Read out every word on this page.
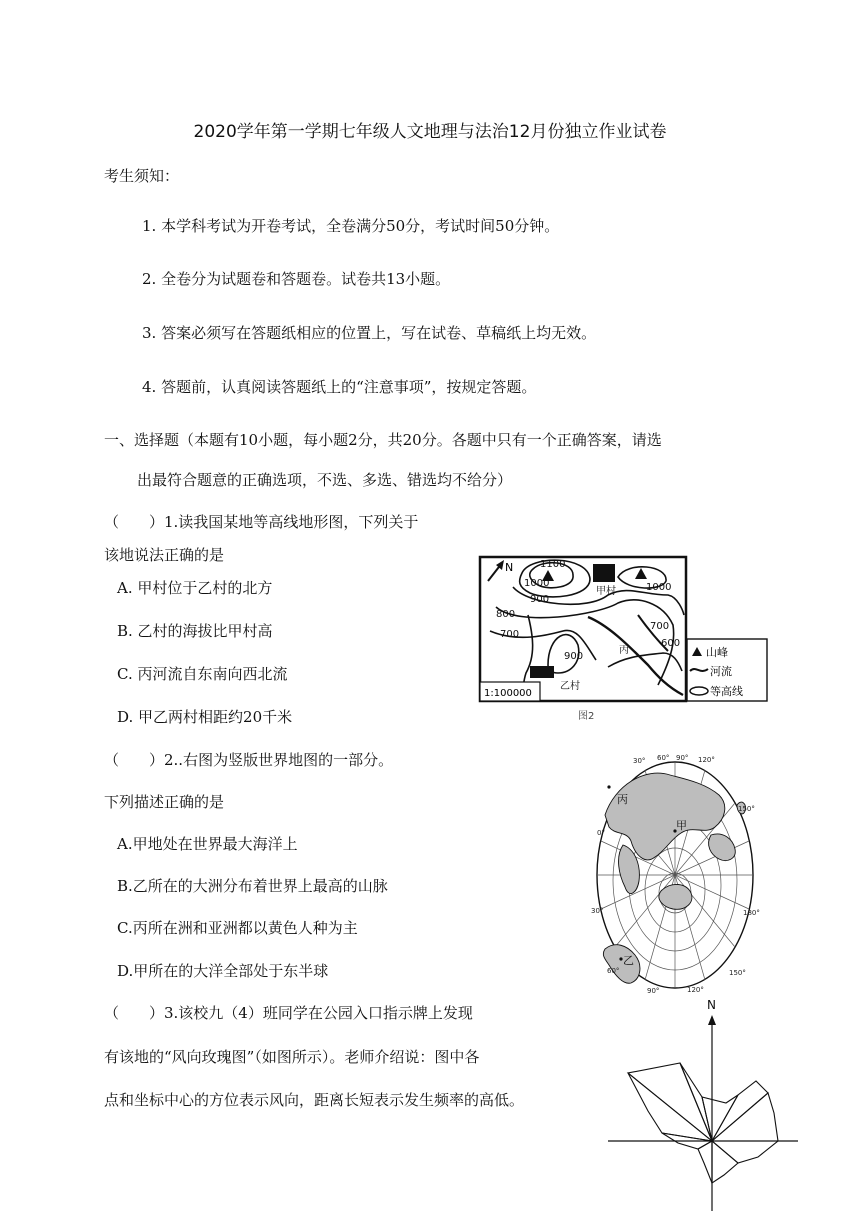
2020学年第一学期七年级人文地理与法治12月份独立作业试卷
考生须知：
1. 本学科考试为开卷考试，全卷满分50分，考试时间50分钟。
2. 全卷分为试题卷和答题卷。试卷共13小题。
3. 答案必须写在答题纸相应的位置上，写在试卷、草稿纸上均无效。
4. 答题前，认真阅读答题纸上的“注意事项”，按规定答题。
一、选择题（本题有10小题，每小题2分，共20分。各题中只有一个正确答案，请选
出最符合题意的正确选项，不选、多选、错选均不给分）
（　　）1.读我国某地等高线地形图，下列关于
该地说法正确的是
A. 甲村位于乙村的北方
B. 乙村的海拔比甲村高
C. 丙河流自东南向西北流
D. 甲乙两村相距约20千米
N	1100
1000	1000
900
800
700
900
700
600
甲村
乙村
丙
1:100000
山峰
河流
等高线
图2
（　　）2..右图为竖版世界地图的一部分。
下列描述正确的是
A.甲地处在世界最大海洋上
B.乙所在的大洲分布着世界上最高的山脉
C.丙所在洲和亚洲都以黄色人种为主
D.甲所在的大洋全部处于东半球
30° 60° 90° 120°
150°
180°
150°
0°
30°
60°
90°	120°
丙
甲
乙
（　　）3.该校九（4）班同学在公园入口指示牌上发现
有该地的“风向玫瑰图”（如图所示）。老师介绍说：图中各
点和坐标中心的方位表示风向，距离长短表示发生频率的高低。
N
